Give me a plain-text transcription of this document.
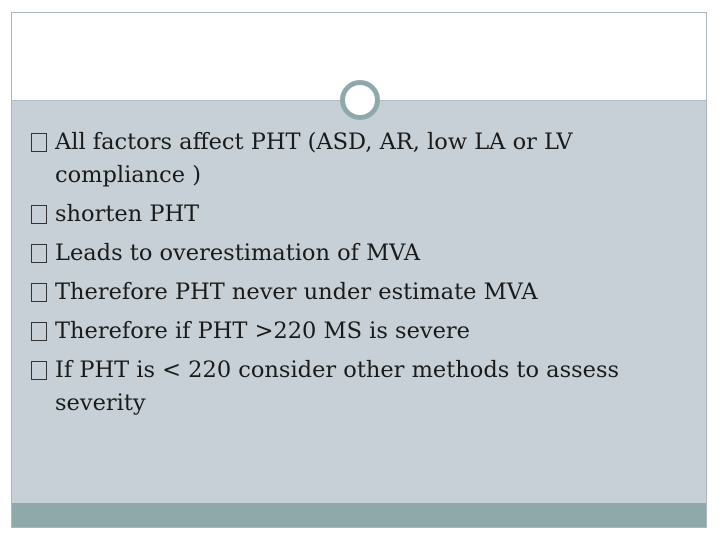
All factors affect PHT (ASD, AR, low LA or LV compliance )
shorten PHT
Leads to overestimation of MVA
Therefore PHT never under estimate MVA
Therefore if PHT >220 MS is severe
If PHT is < 220 consider other methods to assess severity
